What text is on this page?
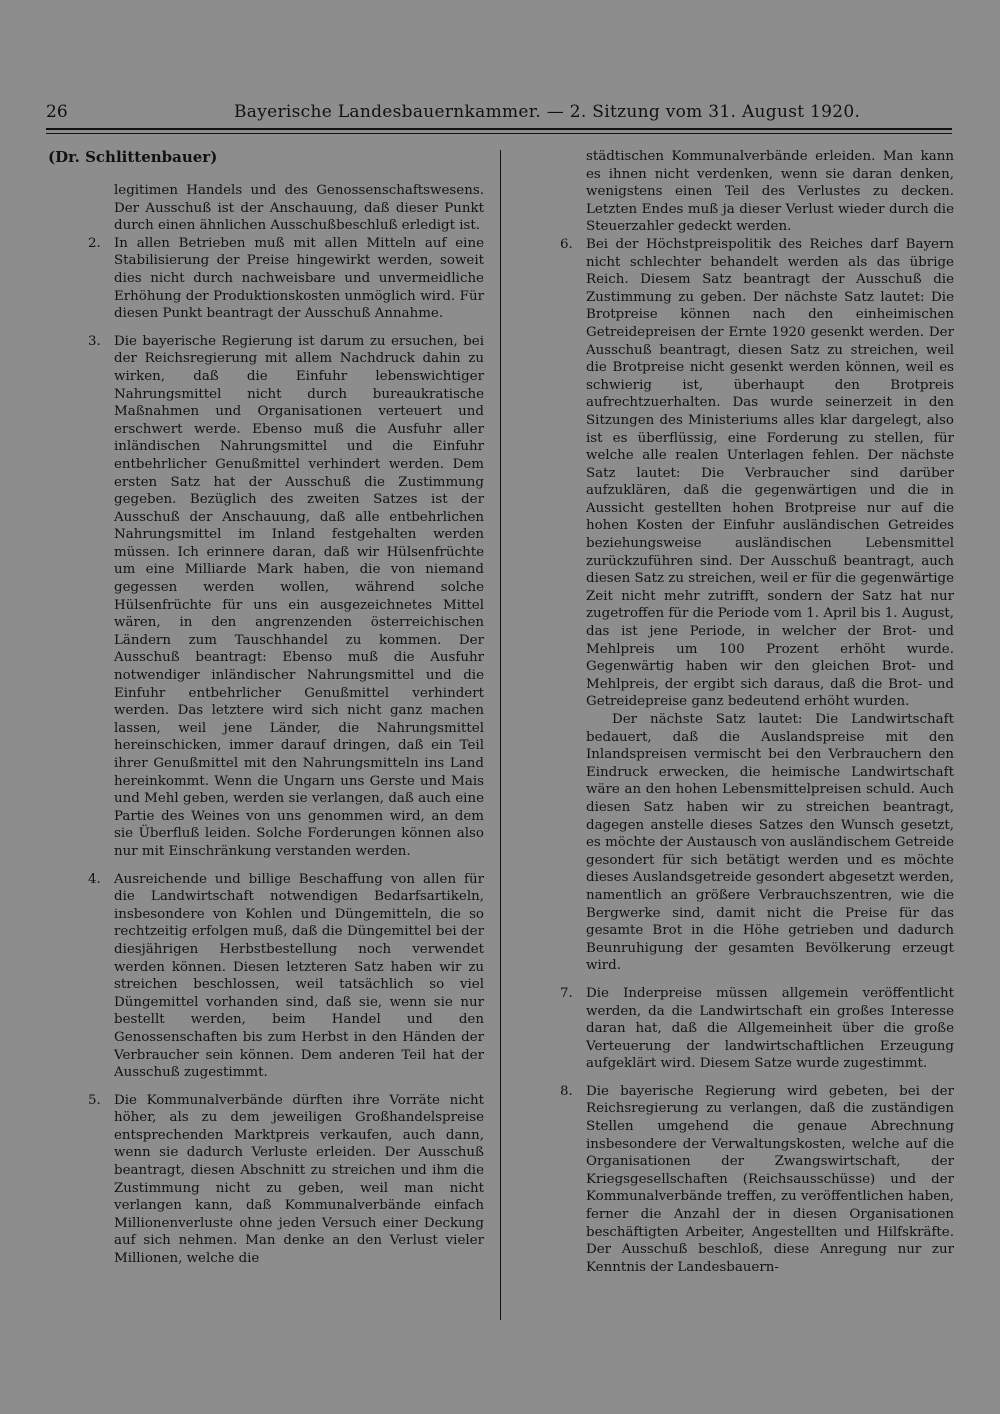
26	Bayerische Landesbauernkammer. — 2. Sitzung vom 31. August 1920.
(Dr. Schlittenbauer)

legitimen Handels und des Genossenschaftswesens. Der Ausschuß ist der Anschauung, daß dieser Punkt durch einen ähnlichen Ausschußbeschluß erledigt ist.

2. In allen Betrieben muß mit allen Mitteln auf eine Stabilisierung der Preise hingewirkt werden, soweit dies nicht durch nachweisbare und unvermeidliche Erhöhung der Produktionskosten unmöglich wird. Für diesen Punkt beantragt der Ausschuß Annahme.

3. Die bayerische Regierung ist darum zu ersuchen, bei der Reichsregierung mit allem Nachdruck dahin zu wirken, daß die Einfuhr lebenswichtiger Nahrungsmittel nicht durch bureaukratische Maßnahmen und Organisationen verteuert und erschwert werde. Ebenso muß die Ausfuhr aller inländischen Nahrungsmittel und die Einfuhr entbehrlicher Genußmittel verhindert werden. Dem ersten Satz hat der Ausschuß die Zustimmung gegeben. Bezüglich des zweiten Satzes ist der Ausschuß der Anschauung, daß alle entbehrlichen Nahrungsmittel im Inland festgehalten werden müssen. Ich erinnere daran, daß wir Hülsenfrüchte um eine Milliarde Mark haben, die von niemand gegessen werden wollen, während solche Hülsenfrüchte für uns ein ausgezeichnetes Mittel wären, in den angrenzenden österreichischen Ländern zum Tauschhandel zu kommen. Der Ausschuß beantragt: Ebenso muß die Ausfuhr notwendiger inländischer Nahrungsmittel und die Einfuhr entbehrlicher Genußmittel verhindert werden. Das letztere wird sich nicht ganz machen lassen, weil jene Länder, die Nahrungsmittel hereinschicken, immer darauf dringen, daß ein Teil ihrer Genußmittel mit den Nahrungsmitteln ins Land hereinkommt. Wenn die Ungarn uns Gerste und Mais und Mehl geben, werden sie verlangen, daß auch eine Partie des Weines von uns genommen wird, an dem sie Überfluß leiden. Solche Forderungen können also nur mit Einschränkung verstanden werden.

4. Ausreichende und billige Beschaffung von allen für die Landwirtschaft notwendigen Bedarfsartikeln, insbesondere von Kohlen und Düngemitteln, die so rechtzeitig erfolgen muß, daß die Düngemittel bei der diesjährigen Herbstbestellung noch verwendet werden können. Diesen letzteren Satz haben wir zu streichen beschlossen, weil tatsächlich so viel Düngemittel vorhanden sind, daß sie, wenn sie nur bestellt werden, beim Handel und den Genossenschaften bis zum Herbst in den Händen der Verbraucher sein können. Dem anderen Teil hat der Ausschuß zugestimmt.

5. Die Kommunalverbände dürften ihre Vorräte nicht höher, als zu dem jeweiligen Großhandelspreise entsprechenden Marktpreis verkaufen, auch dann, wenn sie dadurch Verluste erleiden. Der Ausschuß beantragt, diesen Abschnitt zu streichen und ihm die Zustimmung nicht zu geben, weil man nicht verlangen kann, daß Kommunalverbände einfach Millionenverluste ohne jeden Versuch einer Deckung auf sich nehmen. Man denke an den Verlust vieler Millionen, welche die

städtischen Kommunalverbände erleiden. Man kann es ihnen nicht verdenken, wenn sie daran denken, wenigstens einen Teil des Verlustes zu decken. Letzten Endes muß ja dieser Verlust wieder durch die Steuerzahler gedeckt werden.

6. Bei der Höchstpreispolitik des Reiches darf Bayern nicht schlechter behandelt werden als das übrige Reich. Diesem Satz beantragt der Ausschuß die Zustimmung zu geben. Der nächste Satz lautet: Die Brotpreise können nach den einheimischen Getreidepreisen der Ernte 1920 gesenkt werden. Der Ausschuß beantragt, diesen Satz zu streichen, weil die Brotpreise nicht gesenkt werden können, weil es schwierig ist, überhaupt den Brotpreis aufrechtzuerhalten. Das wurde seinerzeit in den Sitzungen des Ministeriums alles klar dargelegt, also ist es überflüssig, eine Forderung zu stellen, für welche alle realen Unterlagen fehlen. Der nächste Satz lautet: Die Verbraucher sind darüber aufzuklären, daß die gegenwärtigen und die in Aussicht gestellten hohen Brotpreise nur auf die hohen Kosten der Einfuhr ausländischen Getreides beziehungsweise ausländischen Lebensmittel zurückzuführen sind. Der Ausschuß beantragt, auch diesen Satz zu streichen, weil er für die gegenwärtige Zeit nicht mehr zutrifft, sondern der Satz hat nur zugetroffen für die Periode vom 1. April bis 1. August, das ist jene Periode, in welcher der Brot- und Mehlpreis um 100 Prozent erhöht wurde. Gegenwärtig haben wir den gleichen Brot- und Mehlpreis, der ergibt sich daraus, daß die Brot- und Getreidepreise ganz bedeutend erhöht wurden.

Der nächste Satz lautet: Die Landwirtschaft bedauert, daß die Auslandspreise mit den Inlandspreisen vermischt bei den Verbrauchern den Eindruck erwecken, die heimische Landwirtschaft wäre an den hohen Lebensmittelpreisen schuld. Auch diesen Satz haben wir zu streichen beantragt, dagegen anstelle dieses Satzes den Wunsch gesetzt, es möchte der Austausch von ausländischem Getreide gesondert für sich betätigt werden und es möchte dieses Auslandsgetreide gesondert abgesetzt werden, namentlich an größere Verbrauchszentren, wie die Bergwerke sind, damit nicht die Preise für das gesamte Brot in die Höhe getrieben und dadurch Beunruhigung der gesamten Bevölkerung erzeugt wird.

7. Die Inderpreise müssen allgemein veröffentlicht werden, da die Landwirtschaft ein großes Interesse daran hat, daß die Allgemeinheit über die große Verteuerung der landwirtschaftlichen Erzeugung aufgeklärt wird. Diesem Satze wurde zugestimmt.

8. Die bayerische Regierung wird gebeten, bei der Reichsregierung zu verlangen, daß die zuständigen Stellen umgehend die genaue Abrechnung insbesondere der Verwaltungskosten, welche auf die Organisationen der Zwangswirtschaft, der Kriegsgesellschaften (Reichsausschüsse) und der Kommunalverbände treffen, zu veröffentlichen haben, ferner die Anzahl der in diesen Organisationen beschäftigten Arbeiter, Angestellten und Hilfskräfte. Der Ausschuß beschloß, diese Anregung nur zur Kenntnis der Landesbauern-
